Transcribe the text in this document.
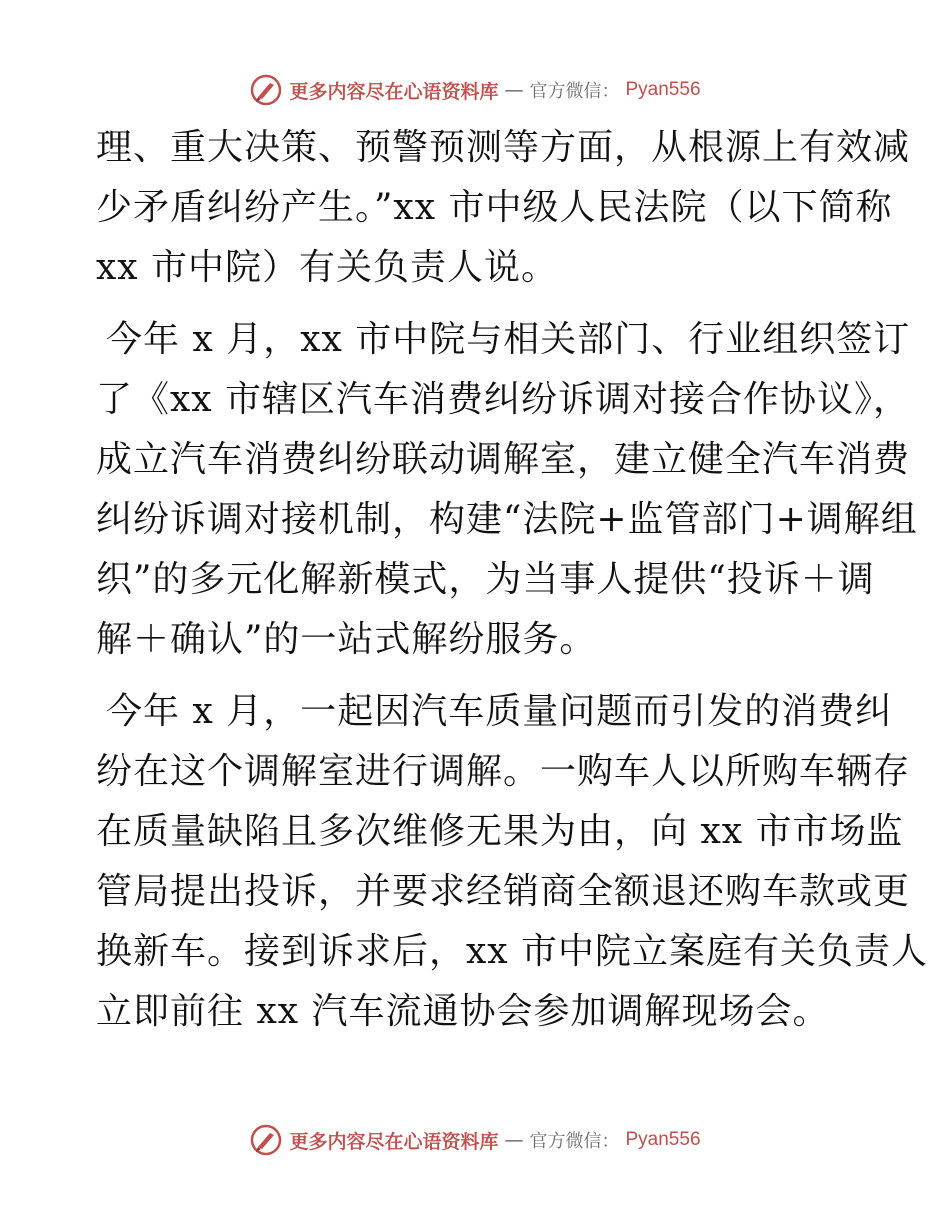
更多内容尽在心语资料库 — 官方微信： Pyan556
理、重大决策、预警预测等方面，从根源上有效减
少矛盾纠纷产生。”xx 市中级人民法院（以下简称
xx 市中院）有关负责人说。
今年 x 月，xx 市中院与相关部门、行业组织签订
了《xx 市辖区汽车消费纠纷诉调对接合作协议》，
成立汽车消费纠纷联动调解室，建立健全汽车消费
纠纷诉调对接机制，构建“法院+监管部门+调解组
织”的多元化解新模式，为当事人提供“投诉＋调
解＋确认”的一站式解纷服务。
今年 x 月，一起因汽车质量问题而引发的消费纠
纷在这个调解室进行调解。一购车人以所购车辆存
在质量缺陷且多次维修无果为由，向 xx 市市场监
管局提出投诉，并要求经销商全额退还购车款或更
换新车。接到诉求后，xx 市中院立案庭有关负责人
立即前往 xx 汽车流通协会参加调解现场会。
更多内容尽在心语资料库 — 官方微信： Pyan556
